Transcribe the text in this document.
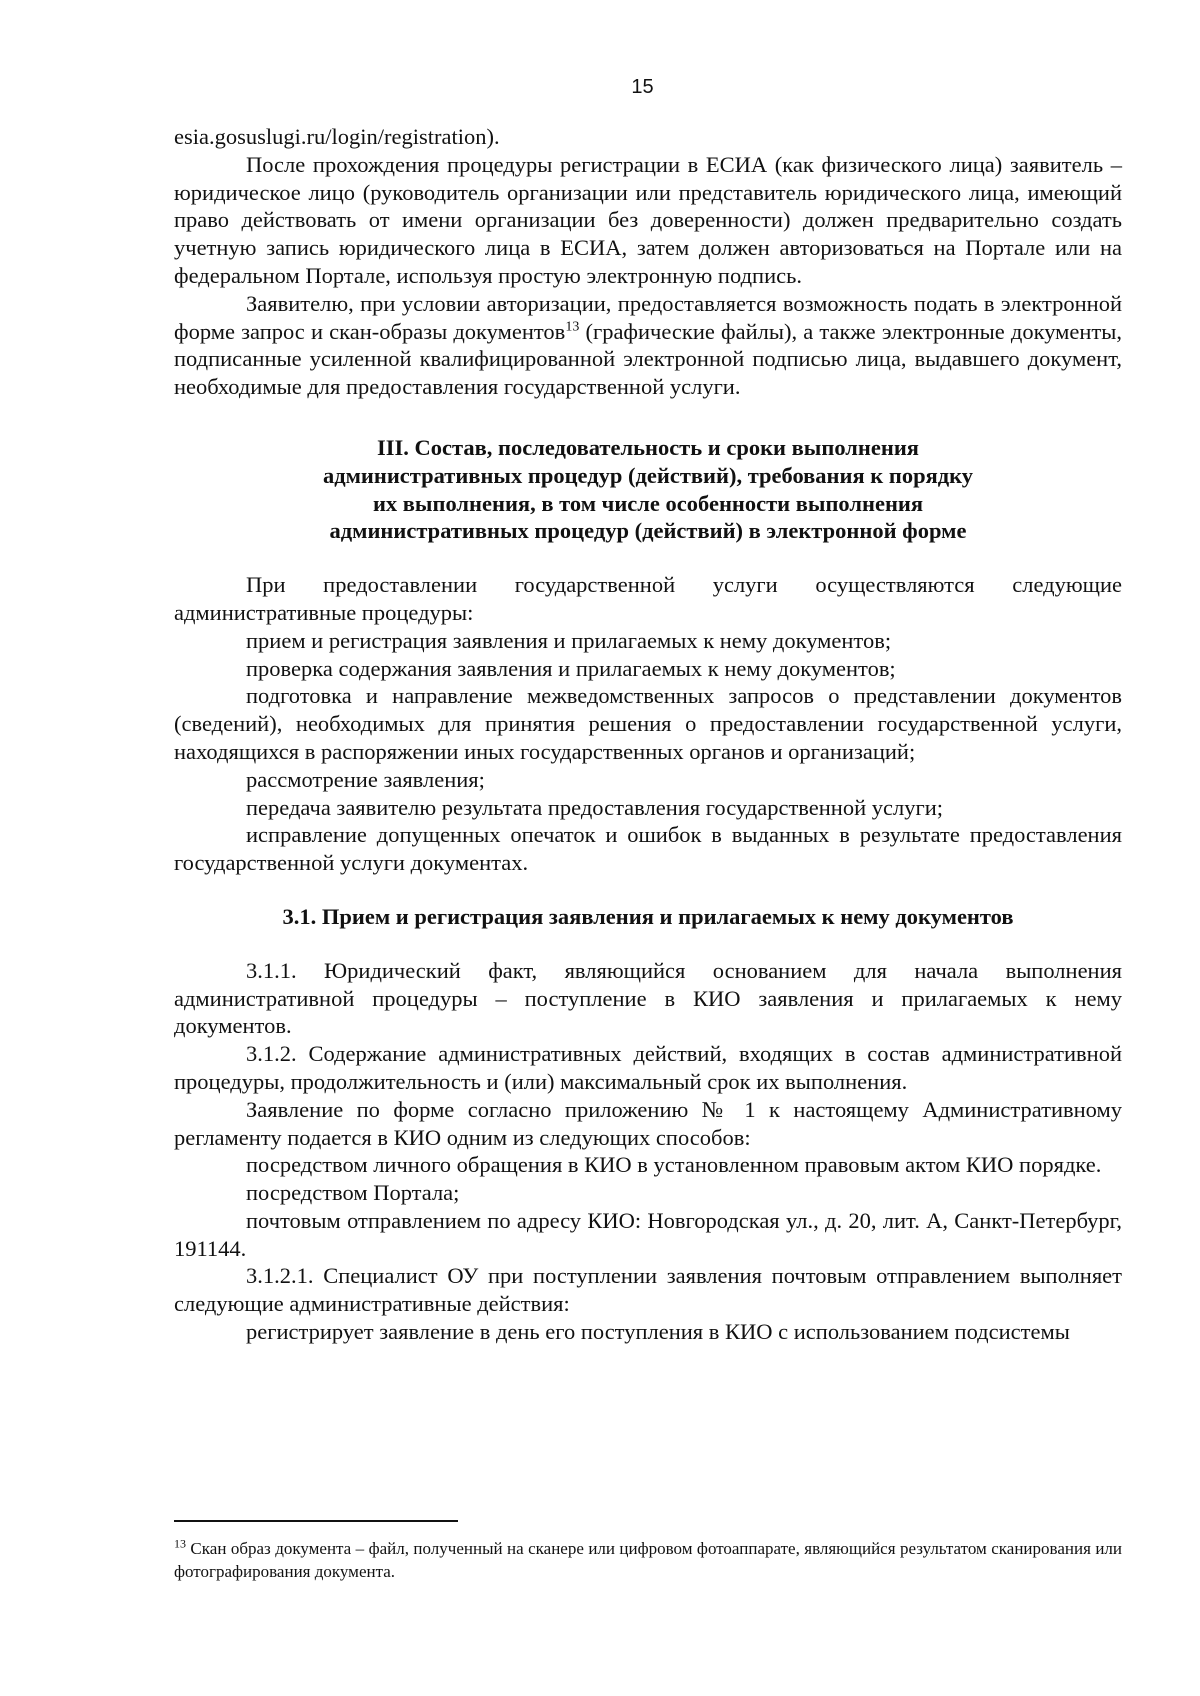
15

esia.gosuslugi.ru/login/registration).

После прохождения процедуры регистрации в ЕСИА (как физического лица) заявитель – юридическое лицо (руководитель организации или представитель юридического лица, имеющий право действовать от имени организации без доверенности) должен предварительно создать учетную запись юридического лица в ЕСИА, затем должен авторизоваться на Портале или на федеральном Портале, используя простую электронную подпись.

Заявителю, при условии авторизации, предоставляется возможность подать в электронной форме запрос и скан-образы документов$^{13}$ (графические файлы), а также электронные документы, подписанные усиленной квалифицированной электронной подписью лица, выдавшего документ, необходимые для предоставления государственной услуги.

III. Состав, последовательность и сроки выполнения
административных процедур (действий), требования к порядку
их выполнения, в том числе особенности выполнения
административных процедур (действий) в электронной форме

При предоставлении государственной услуги осуществляются следующие административные процедуры:

прием и регистрация заявления и прилагаемых к нему документов;

проверка содержания заявления и прилагаемых к нему документов;

подготовка и направление межведомственных запросов о представлении документов (сведений), необходимых для принятия решения о предоставлении государственной услуги, находящихся в распоряжении иных государственных органов и организаций;

рассмотрение заявления;

передача заявителю результата предоставления государственной услуги;

исправление допущенных опечаток и ошибок в выданных в результате предоставления государственной услуги документах.

3.1. Прием и регистрация заявления и прилагаемых к нему документов

3.1.1. Юридический факт, являющийся основанием для начала выполнения административной процедуры – поступление в КИО заявления и прилагаемых к нему документов.

3.1.2. Содержание административных действий, входящих в состав административной процедуры, продолжительность и (или) максимальный срок их выполнения.

Заявление по форме согласно приложению № 1 к настоящему Административному регламенту подается в КИО одним из следующих способов:

посредством личного обращения в КИО в установленном правовым актом КИО порядке.

посредством Портала;

почтовым отправлением по адресу КИО: Новгородская ул., д. 20, лит. А, Санкт-Петербург, 191144.

3.1.2.1. Специалист ОУ при поступлении заявления почтовым отправлением выполняет следующие административные действия:

регистрирует заявление в день его поступления в КИО с использованием подсистемы

$^{13}$ Скан образ документа – файл, полученный на сканере или цифровом фотоаппарате, являющийся результатом сканирования или фотографирования документа.
